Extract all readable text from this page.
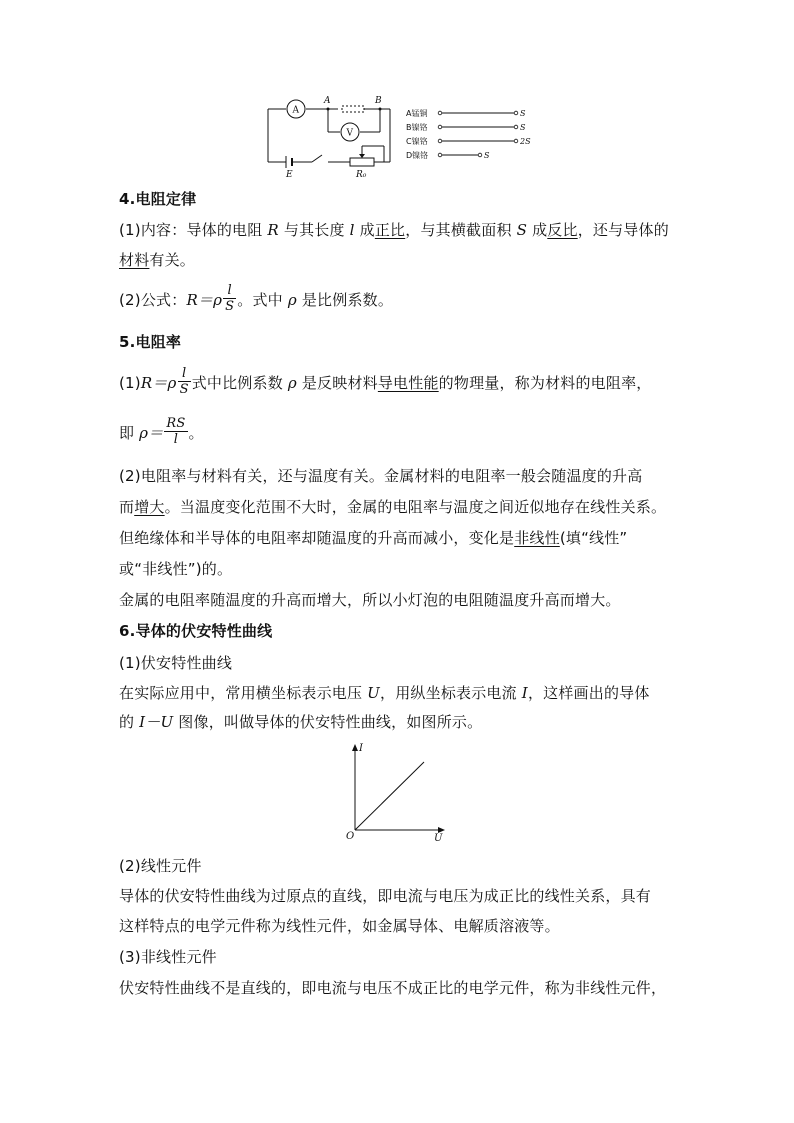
A
V
A	B
E	R₀
A锰铜
B镍铬
C镍铬
D镍铬
S
S
2S
S
4.电阻定律
(1)内容：导体的电阻 R 与其长度 l 成正比，与其横截面积 S 成反比，还与导体的
材料有关。
(2)公式：$R=\rho \frac{l}{S}$ 。式中 ρ 是比例系数。
5.电阻率
$(1)R=\rho \frac{l}{S}$ 式中比例系数 ρ 是反映材料导电性能的物理量，称为材料的电阻率，
即 $\rho= \frac{RS}{l}$ 。
(2)电阻率与材料有关，还与温度有关。金属材料的电阻率一般会随温度的升高
而增大。当温度变化范围不大时，金属的电阻率与温度之间近似地存在线性关系。
但绝缘体和半导体的电阻率却随温度的升高而减小，变化是非线性(填“线性”
或“非线性”)的。
金属的电阻率随温度的升高而增大，所以小灯泡的电阻随温度升高而增大。
6.导体的伏安特性曲线
(1)伏安特性曲线
在实际应用中，常用横坐标表示电压 U，用纵坐标表示电流 I，这样画出的导体
的 I－U 图像，叫做导体的伏安特性曲线，如图所示。
I
U
O
(2)线性元件
导体的伏安特性曲线为过原点的直线，即电流与电压为成正比的线性关系，具有
这样特点的电学元件称为线性元件，如金属导体、电解质溶液等。
(3)非线性元件
伏安特性曲线不是直线的，即电流与电压不成正比的电学元件，称为非线性元件，
